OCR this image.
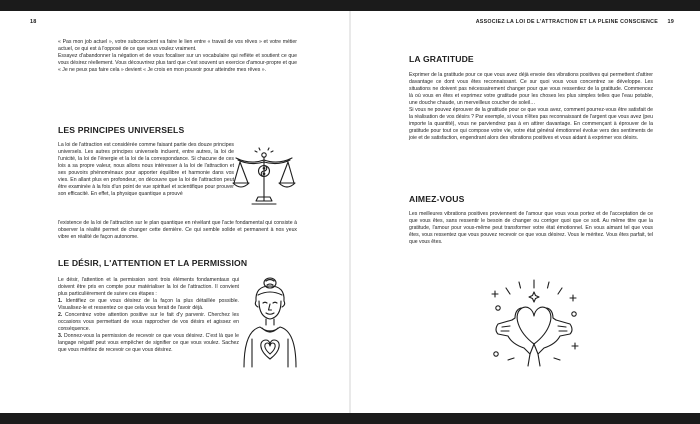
18

« Pas mon job actuel », votre subconscient va faire le lien entre « travail de vos rêves » et votre métier actuel, ce qui est à l'opposé de ce que vous voulez vraiment.

Essayez d'abandonner la négation et de vous focaliser sur un vocabulaire qui reflète et soutient ce que vous désirez réellement. Vous découvrirez plus tard que c'est souvent un exercice d'amour-propre et que « Je ne peux pas faire cela » devient « Je crois en mon pouvoir pour atteindre mes rêves ».

LES PRINCIPES UNIVERSELS
La loi de l'attraction est considérée comme faisant partie des douze principes universels. Les autres principes universels incluent, entre autres, la loi de l'unicité, la loi de l'énergie et la loi de la correspondance. Si chacune de ces lois a sa propre valeur, nous allons nous intéresser à la loi de l'attraction et ses pouvoirs phénoménaux pour apporter équilibre et harmonie dans vos vies. En allant plus en profondeur, on découvre que la loi de l'attraction peut être examinée à la fois d'un point de vue spirituel et scientifique pour prouver son efficacité. En effet, la physique quantique a prouvé
l'existence de la loi de l'attraction sur le plan quantique en révélant que l'acte fondamental qui consiste à observer la réalité permet de changer cette dernière. Ce qui semble solide et permanent à nos yeux vibre en réalité de façon autonome.
LE DÉSIR, L'ATTENTION ET LA PERMISSION

Le désir, l'attention et la permission sont trois éléments fondamentaux qui doivent être pris en compte pour matérialiser la loi de l'attraction. Il convient plus particulièrement de suivre ces étapes :

1. Identifiez ce que vous désirez de la façon la plus détaillée possible. Visualisez-le et ressentez ce que cela vous ferait de l'avoir déjà.

2. Concentrez votre attention positive sur le fait d'y parvenir. Cherchez les occasions vous permettant de vous rapprocher de vos désirs et agissez en conséquence.

3. Donnez-vous la permission de recevoir ce que vous désirez. C'est là que le langage négatif peut vous empêcher de signifier ce que vous voulez. Sachez que vous méritez de recevoir ce que vous désirez.

ASSOCIEZ LA LOI DE L'ATTRACTION ET LA PLEINE CONSCIENCE 19
LA GRATITUDE

Exprimer de la gratitude pour ce que vous avez déjà envoie des vibrations positives qui permettent d'attirer davantage ce dont vous êtes reconnaissant. Ce sur quoi vous vous concentrez se développe. Les situations ne doivent pas nécessairement changer pour que vous ressentiez de la gratitude. Commencez là où vous en êtes et exprimez votre gratitude pour les choses les plus simples telles que l'eau potable, une douche chaude, un merveilleux coucher de soleil…

Si vous ne pouvez éprouver de la gratitude pour ce que vous avez, comment pourrez-vous être satisfait de la réalisation de vos désirs ? Par exemple, si vous n'êtes pas reconnaissant de l'argent que vous avez (peu importe la quantité), vous ne parviendrez pas à en attirer davantage. En commençant à éprouver de la gratitude pour tout ce qui compose votre vie, votre état général émotionnel évolue vers des sentiments de joie et de satisfaction, engendrant alors des vibrations positives et vous aidant à exprimer vos désirs.

AIMEZ-VOUS
Les meilleures vibrations positives proviennent de l'amour que vous vous portez et de l'acceptation de ce que vous êtes, sans ressentir le besoin de changer ou corriger quoi que ce soit. Au même titre que la gratitude, l'amour pour vous-même peut transformer votre état émotionnel. En vous aimant tel que vous êtes, vous ressentez que vous pouvez recevoir ce que vous désirez. Vous le méritez. Vous êtes parfait, tel que vous êtes.
